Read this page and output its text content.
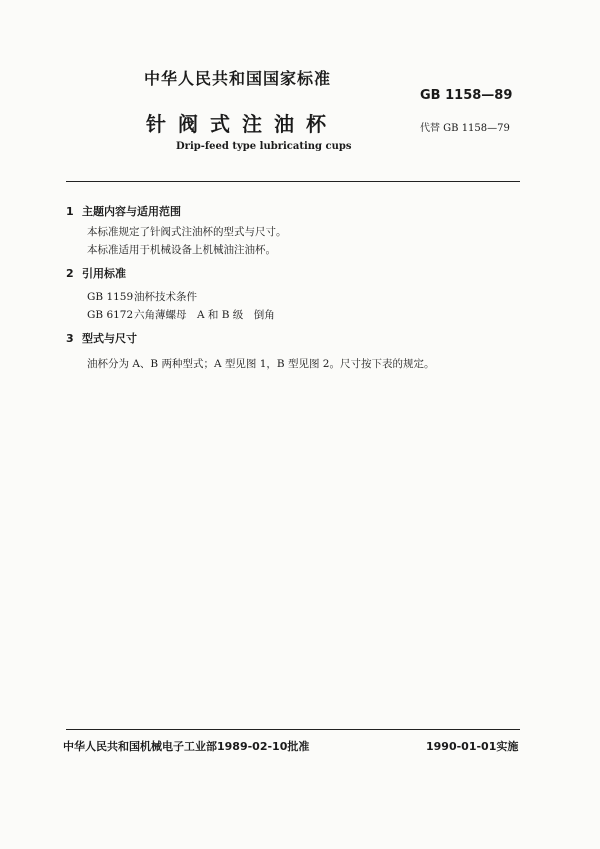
中华人民共和国国家标准
GB 1158—89
针阀式注油杯	代替 GB 1158—79
Drip-feed type lubricating cups
1 主题内容与适用范围
本标准规定了针阀式注油杯的型式与尺寸。
本标准适用于机械设备上机械油注油杯。
2 引用标准
GB 1159油杯技术条件
GB 6172六角薄螺母　A 和 B 级　倒角
3 型式与尺寸
油杯分为 A、B 两种型式；A 型见图 1，B 型见图 2。尺寸按下表的规定。
中华人民共和国机械电子工业部1989-02-10批准	1990-01-01实施
